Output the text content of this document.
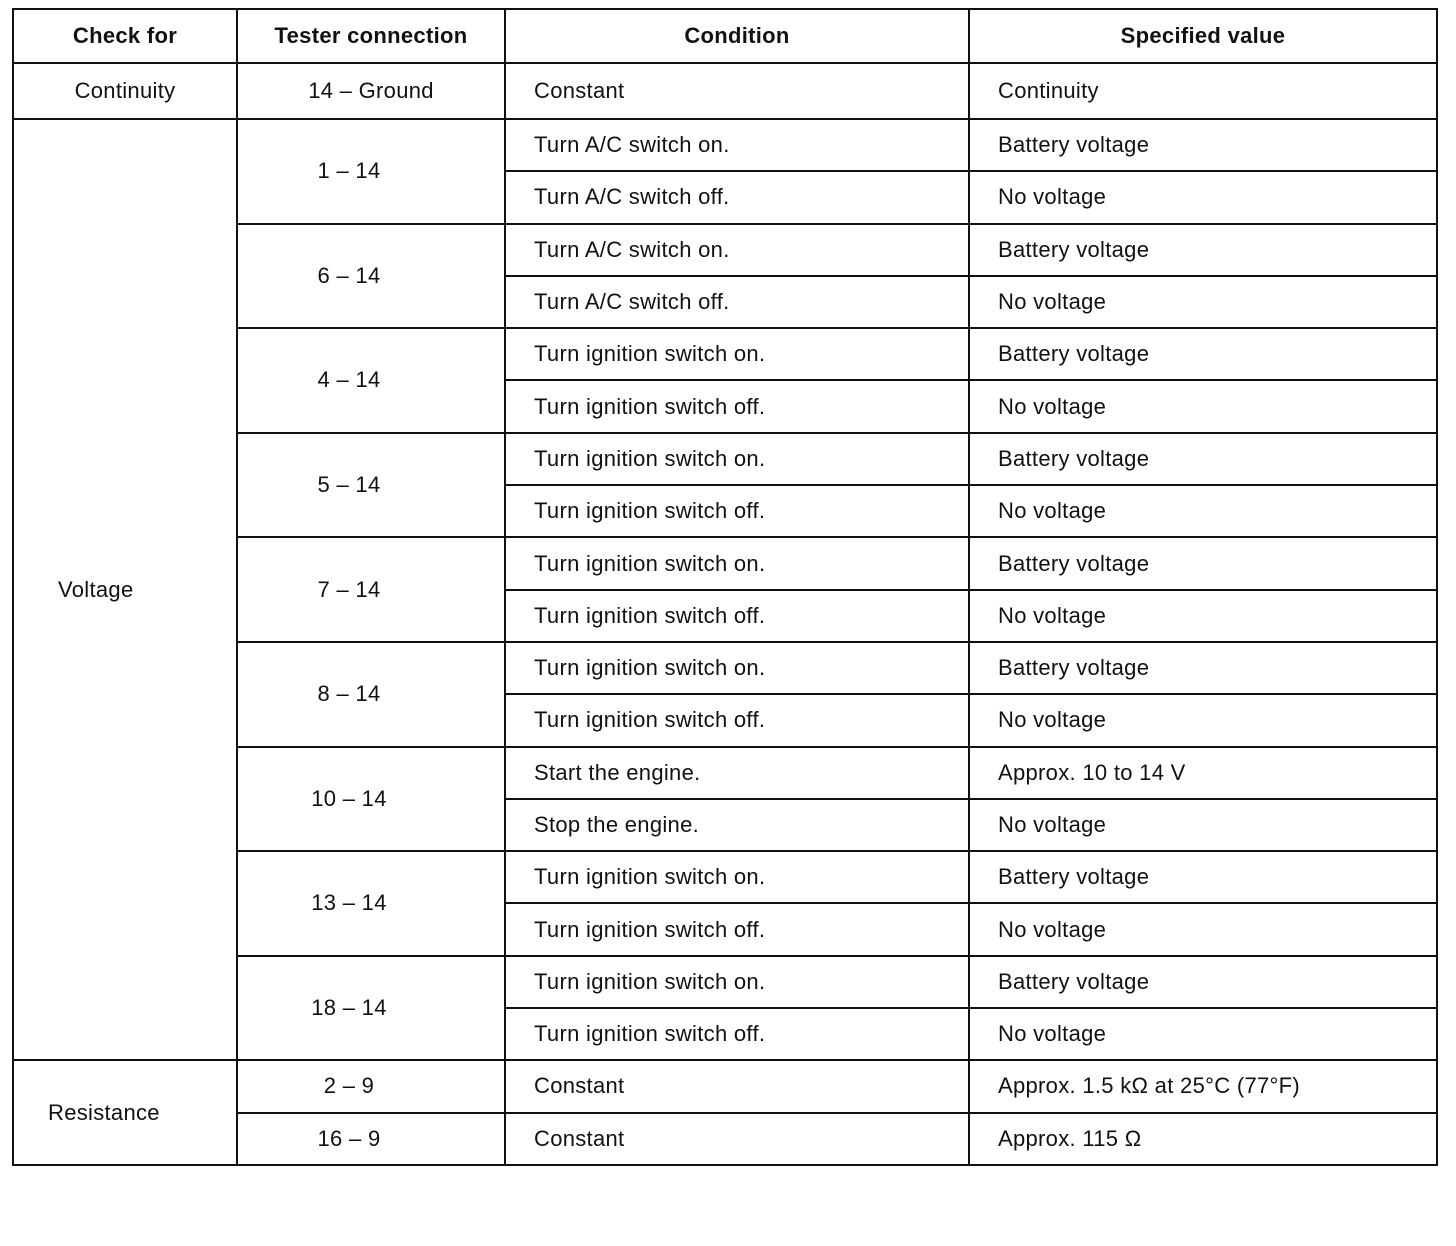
Check for	Tester connection	Condition	Specified value
Continuity	14 – Ground	Constant	Continuity
Voltage	1 – 14	Turn A/C switch on.	Battery voltage
		Turn A/C switch off.	No voltage
	6 – 14	Turn A/C switch on.	Battery voltage
		Turn A/C switch off.	No voltage
	4 – 14	Turn ignition switch on.	Battery voltage
		Turn ignition switch off.	No voltage
	5 – 14	Turn ignition switch on.	Battery voltage
		Turn ignition switch off.	No voltage
	7 – 14	Turn ignition switch on.	Battery voltage
		Turn ignition switch off.	No voltage
	8 – 14	Turn ignition switch on.	Battery voltage
		Turn ignition switch off.	No voltage
	10 – 14	Start the engine.	Approx. 10 to 14 V
		Stop the engine.	No voltage
	13 – 14	Turn ignition switch on.	Battery voltage
		Turn ignition switch off.	No voltage
	18 – 14	Turn ignition switch on.	Battery voltage
		Turn ignition switch off.	No voltage
Resistance	2 – 9	Constant	Approx. 1.5 kΩ at 25°C (77°F)
	16 – 9	Constant	Approx. 115 Ω
